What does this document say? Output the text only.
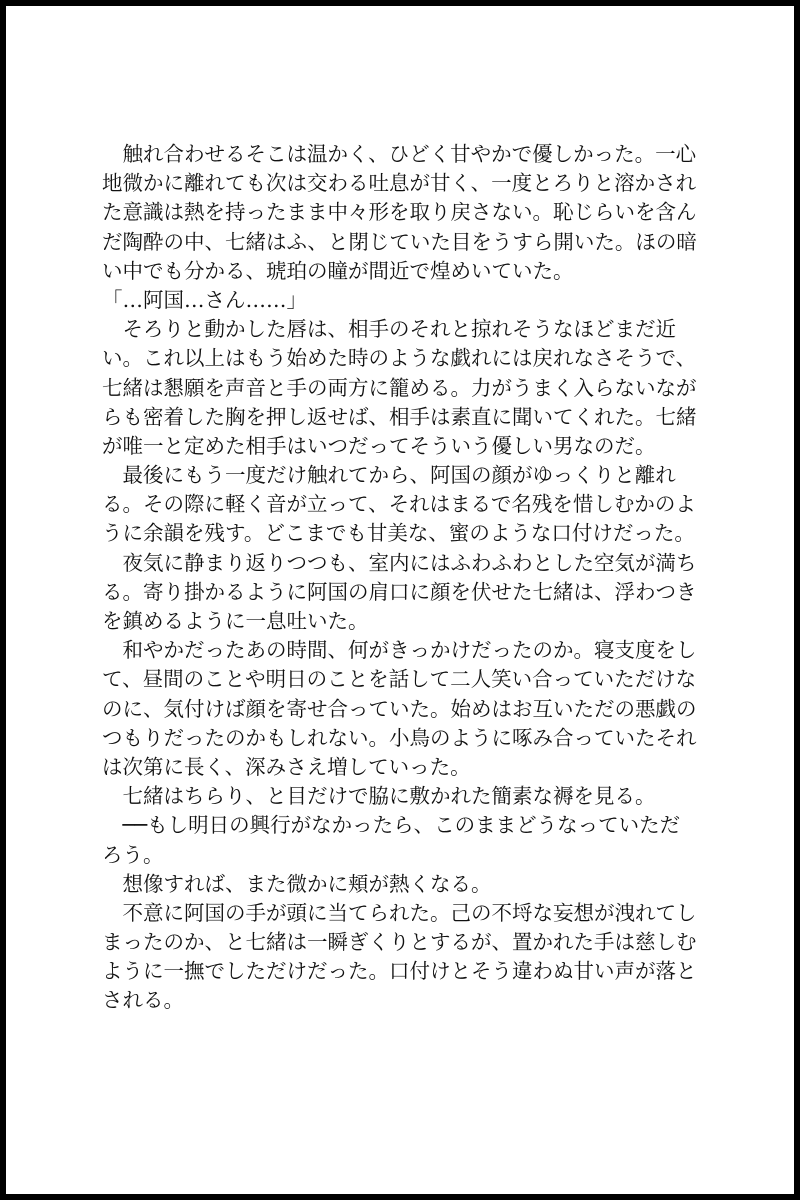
　触れ合わせるそこは温かく、ひどく甘やかで優しかった。一心
地微かに離れても次は交わる吐息が甘く、一度とろりと溶かされ
た意識は熱を持ったまま中々形を取り戻さない。恥じらいを含ん
だ陶酔の中、七緒はふ、と閉じていた目をうすら開いた。ほの暗
い中でも分かる、琥珀の瞳が間近で煌めいていた。
「…阿国…さん……」
　そろりと動かした唇は、相手のそれと掠れそうなほどまだ近
い。これ以上はもう始めた時のような戯れには戻れなさそうで、
七緒は懇願を声音と手の両方に籠める。力がうまく入らないなが
らも密着した胸を押し返せば、相手は素直に聞いてくれた。七緒
が唯一と定めた相手はいつだってそういう優しい男なのだ。
　最後にもう一度だけ触れてから、阿国の顔がゆっくりと離れ
る。その際に軽く音が立って、それはまるで名残を惜しむかのよ
うに余韻を残す。どこまでも甘美な、蜜のような口付けだった。
　夜気に静まり返りつつも、室内にはふわふわとした空気が満ち
る。寄り掛かるように阿国の肩口に顔を伏せた七緒は、浮わつき
を鎮めるように一息吐いた。
　和やかだったあの時間、何がきっかけだったのか。寝支度をし
て、昼間のことや明日のことを話して二人笑い合っていただけな
のに、気付けば顔を寄せ合っていた。始めはお互いただの悪戯の
つもりだったのかもしれない。小鳥のように啄み合っていたそれ
は次第に長く、深みさえ増していった。
　七緒はちらり、と目だけで脇に敷かれた簡素な褥を見る。
　──もし明日の興行がなかったら、このままどうなっていただ
ろう。
　想像すれば、また微かに頬が熱くなる。
　不意に阿国の手が頭に当てられた。己の不埒な妄想が洩れてし
まったのか、と七緒は一瞬ぎくりとするが、置かれた手は慈しむ
ように一撫でしただけだった。口付けとそう違わぬ甘い声が落と
される。
